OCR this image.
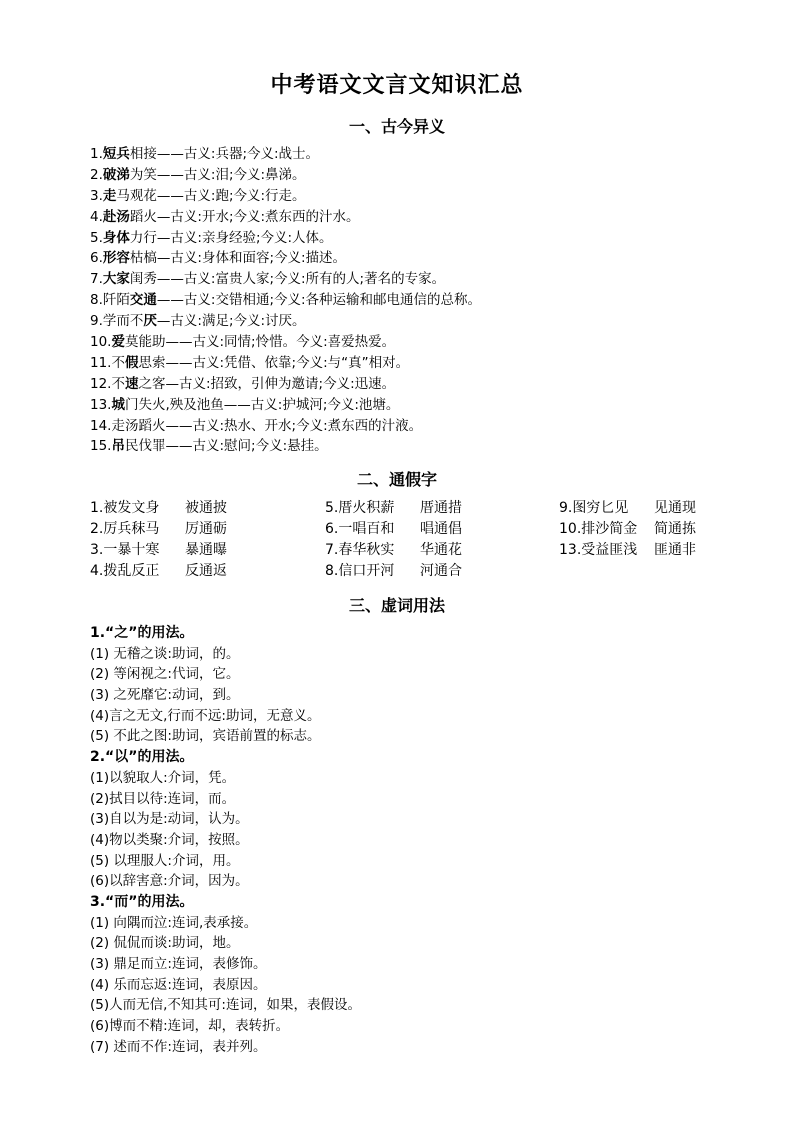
中考语文文言文知识汇总
一、古今异义
1.短兵相接——古义:兵器;今义:战士。
2.破涕为笑——古义:泪;今义:鼻涕。
3.走马观花——古义:跑;今义:行走。
4.赴汤蹈火—古义:开水;今义:煮东西的汁水。
5.身体力行—古义:亲身经验;今义:人体。
6.形容枯槁—古义:身体和面容;今义:描述。
7.大家闺秀——古义:富贵人家;今义:所有的人;著名的专家。
8.阡陌交通——古义:交错相通;今义:各种运输和邮电通信的总称。
9.学而不厌—古义:满足;今义:讨厌。
10.爱莫能助——古义:同情;怜惜。今义:喜爱热爱。
11.不假思索——古义:凭借、依靠;今义:与“真”相对。
12.不速之客—古义:招致，引伸为邀请;今义:迅速。
13.城门失火,殃及池鱼——古义:护城河;今义:池塘。
14.走汤蹈火——古义:热水、开水;今义:煮东西的汁液。
15.吊民伐罪——古义:慰问;今义:悬挂。
二、通假字
1.被发文身 被通披
2.厉兵秣马 厉通砺
3.一暴十寒 暴通曝
4.拨乱反正 反通返
5.厝火积薪 厝通措
6.一唱百和 唱通倡
7.春华秋实 华通花
8.信口开河 河通合
9.图穷匕见 见通现
10.排沙简金 简通拣
13.受益匪浅 匪通非
三、虚词用法
1.“之”的用法。
(1) 无稽之谈:助词，的。
(2) 等闲视之:代词，它。
(3) 之死靡它:动词，到。
(4)言之无文,行而不远:助词，无意义。
(5) 不此之图:助词，宾语前置的标志。
2.“以”的用法。
(1)以貌取人:介词，凭。
(2)拭目以待:连词，而。
(3)自以为是:动词，认为。
(4)物以类聚:介词，按照。
(5) 以理服人:介词，用。
(6)以辞害意:介词，因为。
3.“而”的用法。
(1) 向隅而泣:连词,表承接。
(2) 侃侃而谈:助词，地。
(3) 鼎足而立:连词，表修饰。
(4) 乐而忘返:连词，表原因。
(5)人而无信,不知其可:连词，如果，表假设。
(6)博而不精:连词，却，表转折。
(7) 述而不作:连词，表并列。
